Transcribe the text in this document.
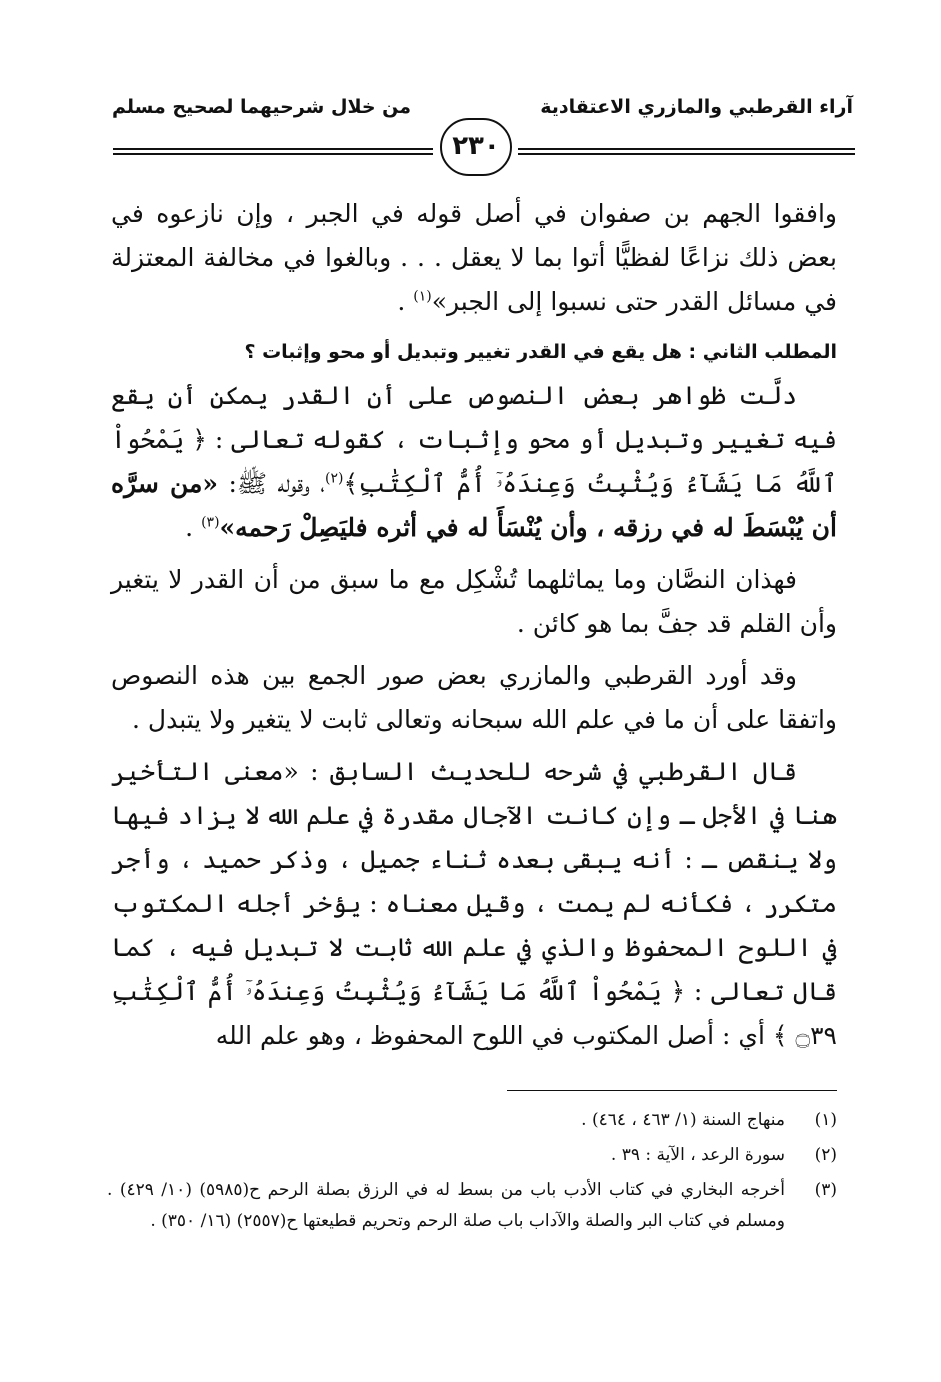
آراء القرطبي والمازري الاعتقادية
من خلال شرحيهما لصحيح مسلم
٢٣٠

وافقوا الجهم بن صفوان في أصل قوله في الجبر ، وإن نازعوه في بعض ذلك نزاعًا لفظيًّا أتوا بما لا يعقل . . . وبالغوا في مخالفة المعتزلة في مسائل القدر حتى نسبوا إلى الجبر»$^{(١)}$ .

المطلب الثاني : هل يقع في القدر تغيير وتبديل أو محو وإثبات ؟

دلَّت ظواهر بعض النصوص على أن القدر يمكن أن يقع فيه تغيير وتبديل أو محو وإثبات ، كقوله تعالى : ﴿ يَمْحُواْ ٱللَّهُ مَا يَشَآءُ وَيُثْبِتُ وَعِندَهُۥٓ أُمُّ ٱلْكِتَٰبِ﴾$^{(٢)}$، وقوله ﷺ: «من سرَّه أن يُبْسَطَ له في رزقه ، وأن يُنْسَأَ له في أثره فليَصِلْ رَحمه»$^{(٣)}$ .

فهذان النصَّان وما يماثلهما تُشْكِل مع ما سبق من أن القدر لا يتغير وأن القلم قد جفَّ بما هو كائن .

وقد أورد القرطبي والمازري بعض صور الجمع بين هذه النصوص واتفقا على أن ما في علم الله سبحانه وتعالى ثابت لا يتغير ولا يتبدل .

قال القرطبي في شرحه للحديث السابق : «معنى التأخير هنا في الأجل ـ وإن كانت الآجال مقدرة في علم الله لا يزاد فيها ولا ينقص ـ : أنه يبقى بعده ثناء جميل ، وذكر حميد ، وأجر متكرر ، فكأنه لم يمت ، وقيل معناه : يؤخر أجله المكتوب في اللوح المحفوظ والذي في علم الله ثابت لا تبديل فيه ، كما قال تعالى : ﴿ يَمْحُواْ ٱللَّهُ مَا يَشَآءُ وَيُثْبِتُ وَعِندَهُۥٓ أُمُّ ٱلْكِتَٰبِ ۝٣٩ ﴾ أي : أصل المكتوب في اللوح المحفوظ ، وهو علم الله

(١)
منهاج السنة (١/ ٤٦٣ ، ٤٦٤) .
(٢)
سورة الرعد ، الآية : ٣٩ .
(٣)
أخرجه البخاري في كتاب الأدب باب من بسط له في الرزق بصلة الرحم ح(٥٩٨٥) (١٠/ ٤٢٩) . ومسلم في كتاب البر والصلة والآداب باب صلة الرحم وتحريم قطيعتها ح(٢٥٥٧) (١٦/ ٣٥٠) .
